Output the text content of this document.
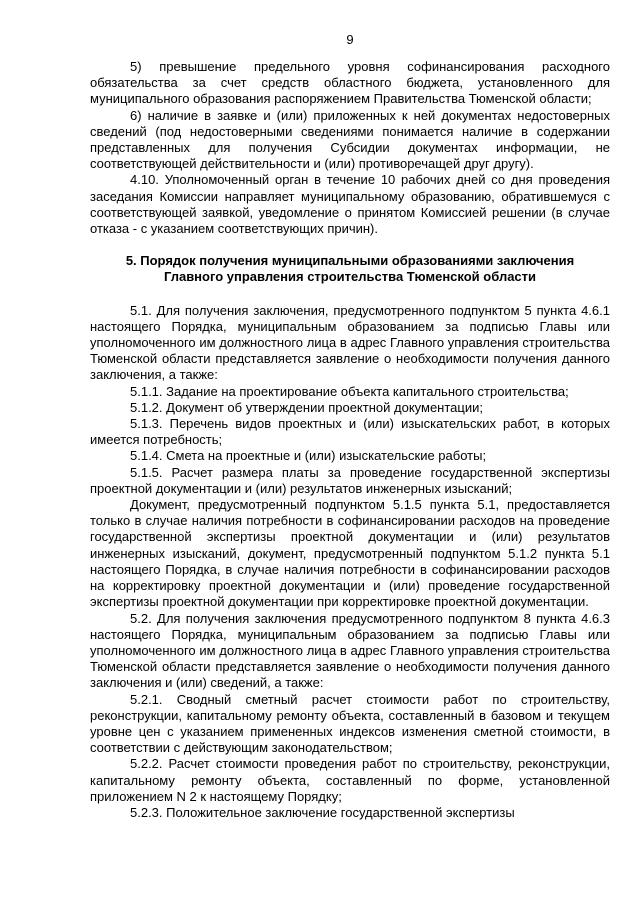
9

5) превышение предельного уровня софинансирования расходного обязательства за счет средств областного бюджета, установленного для муниципального образования распоряжением Правительства Тюменской области;

6) наличие в заявке и (или) приложенных к ней документах недостоверных сведений (под недостоверными сведениями понимается наличие в содержании представленных для получения Субсидии документах информации, не соответствующей действительности и (или) противоречащей друг другу).

4.10. Уполномоченный орган в течение 10 рабочих дней со дня проведения заседания Комиссии направляет муниципальному образованию, обратившемуся с соответствующей заявкой, уведомление о принятом Комиссией решении (в случае отказа - с указанием соответствующих причин).

5. Порядок получения муниципальными образованиями заключения
Главного управления строительства Тюменской области

5.1. Для получения заключения, предусмотренного подпунктом 5 пункта 4.6.1 настоящего Порядка, муниципальным образованием за подписью Главы или уполномоченного им должностного лица в адрес Главного управления строительства Тюменской области представляется заявление о необходимости получения данного заключения, а также:

5.1.1. Задание на проектирование объекта капитального строительства;

5.1.2. Документ об утверждении проектной документации;

5.1.3. Перечень видов проектных и (или) изыскательских работ, в которых имеется потребность;

5.1.4. Смета на проектные и (или) изыскательские работы;

5.1.5. Расчет размера платы за проведение государственной экспертизы проектной документации и (или) результатов инженерных изысканий;

Документ, предусмотренный подпунктом 5.1.5 пункта 5.1, предоставляется только в случае наличия потребности в софинансировании расходов на проведение государственной экспертизы проектной документации и (или) результатов инженерных изысканий, документ, предусмотренный подпунктом 5.1.2 пункта 5.1 настоящего Порядка, в случае наличия потребности в софинансировании расходов на корректировку проектной документации и (или) проведение государственной экспертизы проектной документации при корректировке проектной документации.

5.2. Для получения заключения предусмотренного подпунктом 8 пункта 4.6.3 настоящего Порядка, муниципальным образованием за подписью Главы или уполномоченного им должностного лица в адрес Главного управления строительства Тюменской области представляется заявление о необходимости получения данного заключения и (или) сведений, а также:

5.2.1. Сводный сметный расчет стоимости работ по строительству, реконструкции, капитальному ремонту объекта, составленный в базовом и текущем уровне цен с указанием примененных индексов изменения сметной стоимости, в соответствии с действующим законодательством;

5.2.2. Расчет стоимости проведения работ по строительству, реконструкции, капитальному ремонту объекта, составленный по форме, установленной приложением N 2 к настоящему Порядку;

5.2.3. Положительное заключение государственной экспертизы
